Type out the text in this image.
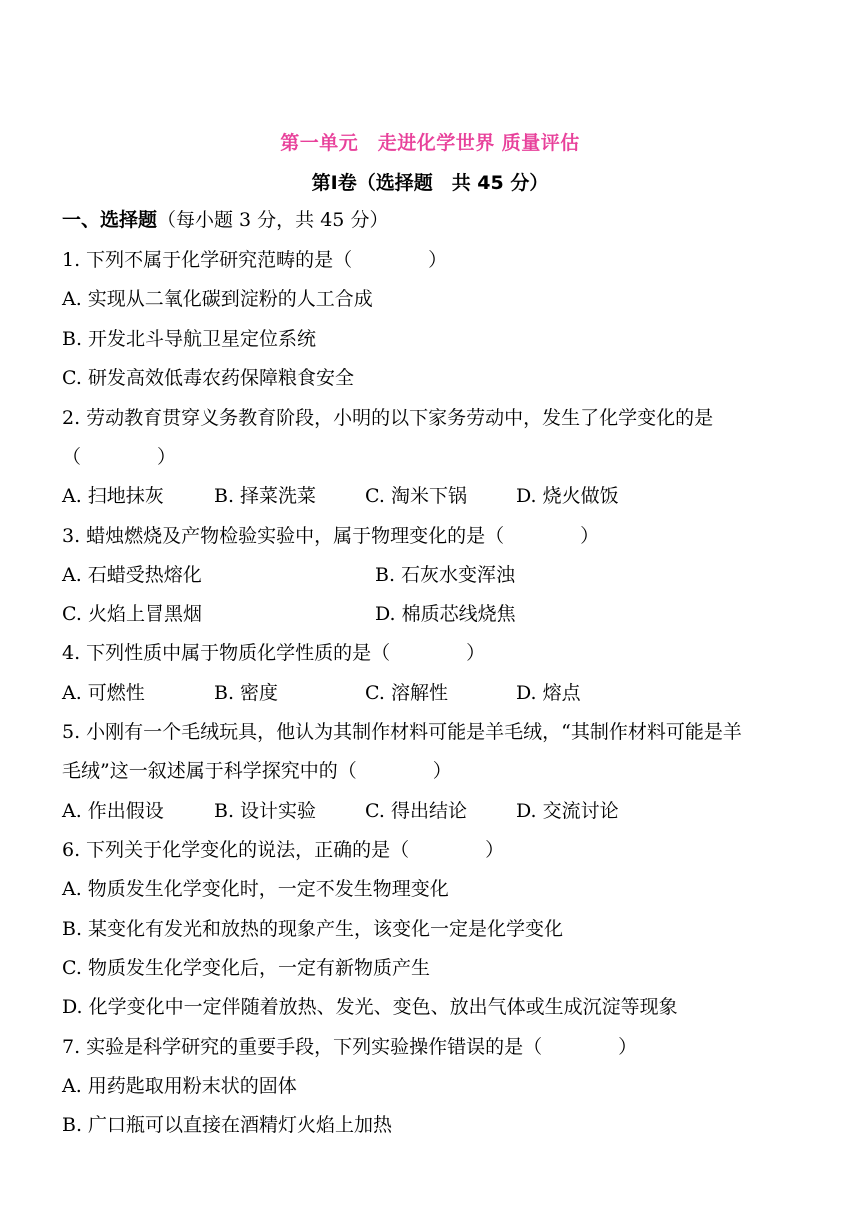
第一单元　走进化学世界 质量评估
第Ⅰ卷（选择题　共 45 分）
一、选择题（每小题 3 分，共 45 分）
1. 下列不属于化学研究范畴的是（　　　　）
A. 实现从二氧化碳到淀粉的人工合成
B. 开发北斗导航卫星定位系统
C. 研发高效低毒农药保障粮食安全
2. 劳动教育贯穿义务教育阶段，小明的以下家务劳动中，发生了化学变化的是
（　　　　）
A. 扫地抹灰	B. 择菜洗菜	C. 淘米下锅	D. 烧火做饭
3. 蜡烛燃烧及产物检验实验中，属于物理变化的是（　　　　）
A. 石蜡受热熔化	B. 石灰水变浑浊
C. 火焰上冒黑烟	D. 棉质芯线烧焦
4. 下列性质中属于物质化学性质的是（　　　　）
A. 可燃性	B. 密度	C. 溶解性	D. 熔点
5. 小刚有一个毛绒玩具，他认为其制作材料可能是羊毛绒，“其制作材料可能是羊
毛绒”这一叙述属于科学探究中的（　　　　）
A. 作出假设	B. 设计实验	C. 得出结论	D. 交流讨论
6. 下列关于化学变化的说法，正确的是（　　　　）
A. 物质发生化学变化时，一定不发生物理变化
B. 某变化有发光和放热的现象产生，该变化一定是化学变化
C. 物质发生化学变化后，一定有新物质产生
D. 化学变化中一定伴随着放热、发光、变色、放出气体或生成沉淀等现象
7. 实验是科学研究的重要手段，下列实验操作错误的是（　　　　）
A. 用药匙取用粉末状的固体
B. 广口瓶可以直接在酒精灯火焰上加热
